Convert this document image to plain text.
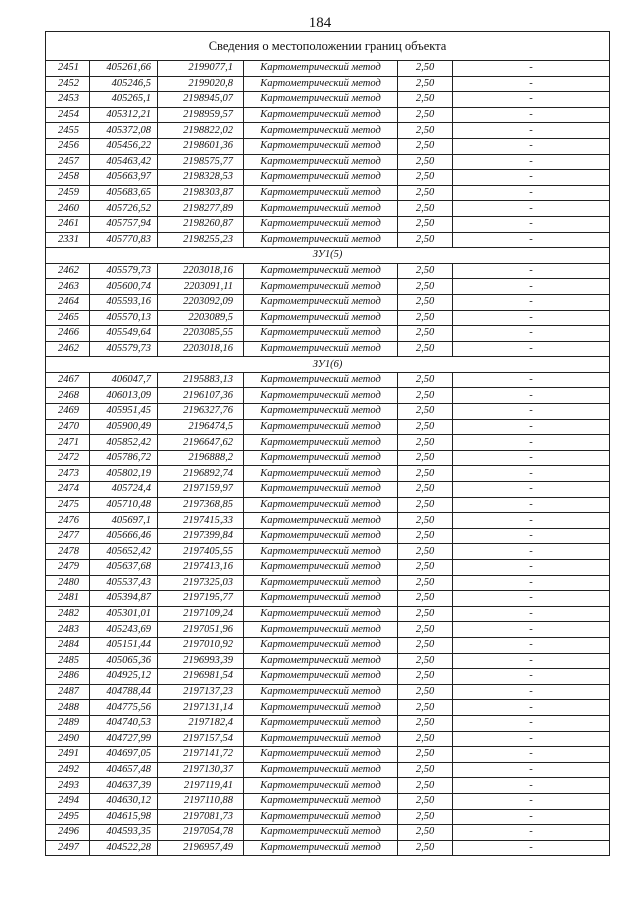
184
Сведения о местоположении границ объекта					
2451	405261,66	2199077,1	Картометрический метод	2,50	-
2452	405246,5	2199020,8	Картометрический метод	2,50	-
2453	405265,1	2198945,07	Картометрический метод	2,50	-
2454	405312,21	2198959,57	Картометрический метод	2,50	-
2455	405372,08	2198822,02	Картометрический метод	2,50	-
2456	405456,22	2198601,36	Картометрический метод	2,50	-
2457	405463,42	2198575,77	Картометрический метод	2,50	-
2458	405663,97	2198328,53	Картометрический метод	2,50	-
2459	405683,65	2198303,87	Картометрический метод	2,50	-
2460	405726,52	2198277,89	Картометрический метод	2,50	-
2461	405757,94	2198260,87	Картометрический метод	2,50	-
2331	405770,83	2198255,23	Картометрический метод	2,50	-
ЗУ1(5)					
2462	405579,73	2203018,16	Картометрический метод	2,50	-
2463	405600,74	2203091,11	Картометрический метод	2,50	-
2464	405593,16	2203092,09	Картометрический метод	2,50	-
2465	405570,13	2203089,5	Картометрический метод	2,50	-
2466	405549,64	2203085,55	Картометрический метод	2,50	-
2462	405579,73	2203018,16	Картометрический метод	2,50	-
ЗУ1(6)					
2467	406047,7	2195883,13	Картометрический метод	2,50	-
2468	406013,09	2196107,36	Картометрический метод	2,50	-
2469	405951,45	2196327,76	Картометрический метод	2,50	-
2470	405900,49	2196474,5	Картометрический метод	2,50	-
2471	405852,42	2196647,62	Картометрический метод	2,50	-
2472	405786,72	2196888,2	Картометрический метод	2,50	-
2473	405802,19	2196892,74	Картометрический метод	2,50	-
2474	405724,4	2197159,97	Картометрический метод	2,50	-
2475	405710,48	2197368,85	Картометрический метод	2,50	-
2476	405697,1	2197415,33	Картометрический метод	2,50	-
2477	405666,46	2197399,84	Картометрический метод	2,50	-
2478	405652,42	2197405,55	Картометрический метод	2,50	-
2479	405637,68	2197413,16	Картометрический метод	2,50	-
2480	405537,43	2197325,03	Картометрический метод	2,50	-
2481	405394,87	2197195,77	Картометрический метод	2,50	-
2482	405301,01	2197109,24	Картометрический метод	2,50	-
2483	405243,69	2197051,96	Картометрический метод	2,50	-
2484	405151,44	2197010,92	Картометрический метод	2,50	-
2485	405065,36	2196993,39	Картометрический метод	2,50	-
2486	404925,12	2196981,54	Картометрический метод	2,50	-
2487	404788,44	2197137,23	Картометрический метод	2,50	-
2488	404775,56	2197131,14	Картометрический метод	2,50	-
2489	404740,53	2197182,4	Картометрический метод	2,50	-
2490	404727,99	2197157,54	Картометрический метод	2,50	-
2491	404697,05	2197141,72	Картометрический метод	2,50	-
2492	404657,48	2197130,37	Картометрический метод	2,50	-
2493	404637,39	2197119,41	Картометрический метод	2,50	-
2494	404630,12	2197110,88	Картометрический метод	2,50	-
2495	404615,98	2197081,73	Картометрический метод	2,50	-
2496	404593,35	2197054,78	Картометрический метод	2,50	-
2497	404522,28	2196957,49	Картометрический метод	2,50	-
